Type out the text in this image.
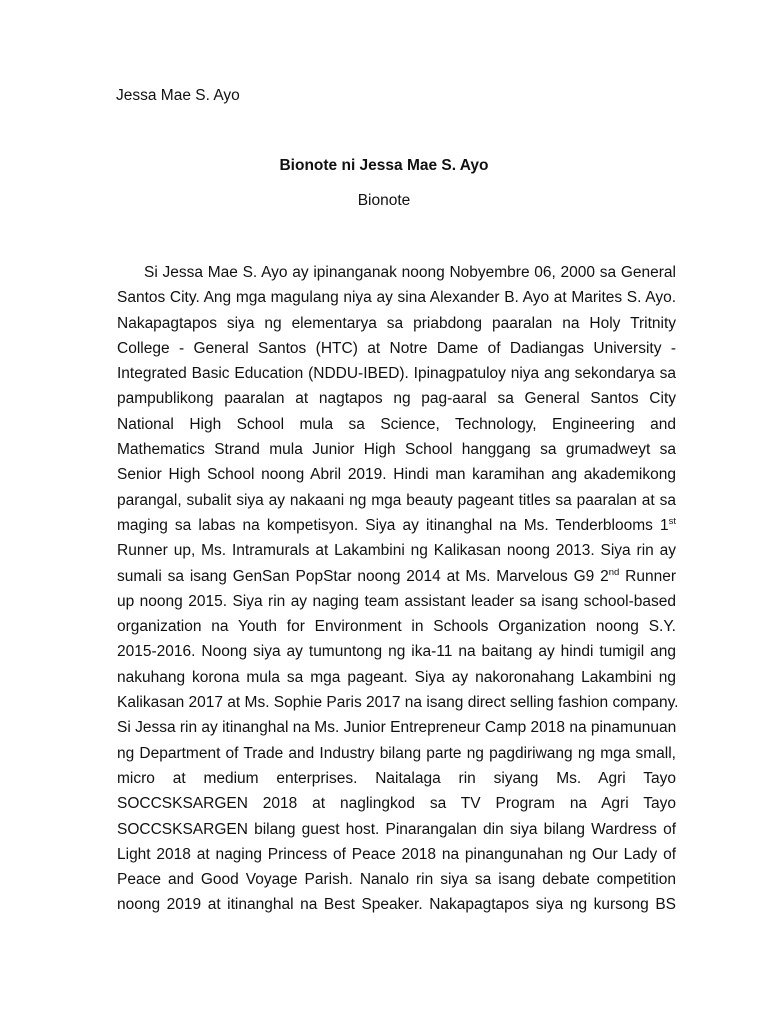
Jessa Mae S. Ayo
Bionote ni Jessa Mae S. Ayo
Bionote
Si Jessa Mae S. Ayo ay ipinanganak noong Nobyembre 06, 2000 sa General
Santos City. Ang mga magulang niya ay sina Alexander B. Ayo at Marites S. Ayo.
Nakapagtapos siya ng elementarya sa priabdong paaralan na Holy Tritnity
College - General Santos (HTC) at Notre Dame of Dadiangas University -
Integrated Basic Education (NDDU-IBED). Ipinagpatuloy niya ang sekondarya sa
pampublikong paaralan at nagtapos ng pag-aaral sa General Santos City
National High School mula sa Science, Technology, Engineering and
Mathematics Strand mula Junior High School hanggang sa grumadweyt sa
Senior High School noong Abril 2019. Hindi man karamihan ang akademikong
parangal, subalit siya ay nakaani ng mga beauty pageant titles sa paaralan at sa
maging sa labas na kompetisyon. Siya ay itinanghal na Ms. Tenderblooms 1st
Runner up, Ms. Intramurals at Lakambini ng Kalikasan noong 2013. Siya rin ay
sumali sa isang GenSan PopStar noong 2014 at Ms. Marvelous G9 2nd Runner
up noong 2015. Siya rin ay naging team assistant leader sa isang school-based
organization na Youth for Environment in Schools Organization noong S.Y.
2015-2016. Noong siya ay tumuntong ng ika-11 na baitang ay hindi tumigil ang
nakuhang korona mula sa mga pageant. Siya ay nakoronahang Lakambini ng
Kalikasan 2017 at Ms. Sophie Paris 2017 na isang direct selling fashion company.
Si Jessa rin ay itinanghal na Ms. Junior Entrepreneur Camp 2018 na pinamunuan
ng Department of Trade and Industry bilang parte ng pagdiriwang ng mga small,
micro at medium enterprises. Naitalaga rin siyang Ms. Agri Tayo
SOCCSKSARGEN 2018 at naglingkod sa TV Program na Agri Tayo
SOCCSKSARGEN bilang guest host. Pinarangalan din siya bilang Wardress of
Light 2018 at naging Princess of Peace 2018 na pinangunahan ng Our Lady of
Peace and Good Voyage Parish. Nanalo rin siya sa isang debate competition
noong 2019 at itinanghal na Best Speaker. Nakapagtapos siya ng kursong BS
